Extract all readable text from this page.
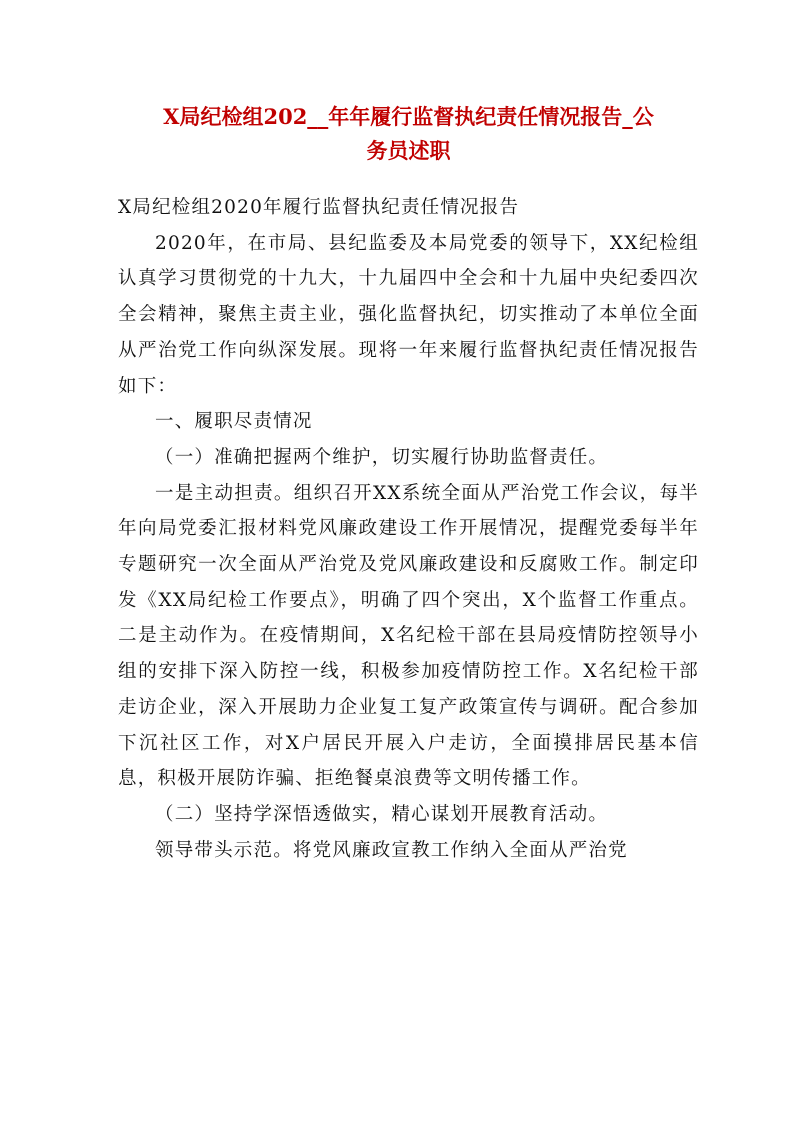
X局纪检组202__年年履行监督执纪责任情况报告_公
务员述职

X局纪检组2020年履行监督执纪责任情况报告

2020年，在市局、县纪监委及本局党委的领导下，XX纪检组认真学习贯彻党的十九大，十九届四中全会和十九届中央纪委四次全会精神，聚焦主责主业，强化监督执纪，切实推动了本单位全面从严治党工作向纵深发展。现将一年来履行监督执纪责任情况报告如下：

一、履职尽责情况

（一）准确把握两个维护，切实履行协助监督责任。

一是主动担责。组织召开XX系统全面从严治党工作会议，每半年向局党委汇报材料党风廉政建设工作开展情况，提醒党委每半年专题研究一次全面从严治党及党风廉政建设和反腐败工作。制定印发《XX局纪检工作要点》，明确了四个突出，X个监督工作重点。二是主动作为。在疫情期间，X名纪检干部在县局疫情防控领导小组的安排下深入防控一线，积极参加疫情防控工作。X名纪检干部走访企业，深入开展助力企业复工复产政策宣传与调研。配合参加下沉社区工作，对X户居民开展入户走访，全面摸排居民基本信息，积极开展防诈骗、拒绝餐桌浪费等文明传播工作。

（二）坚持学深悟透做实，精心谋划开展教育活动。

领导带头示范。将党风廉政宣教工作纳入全面从严治党
